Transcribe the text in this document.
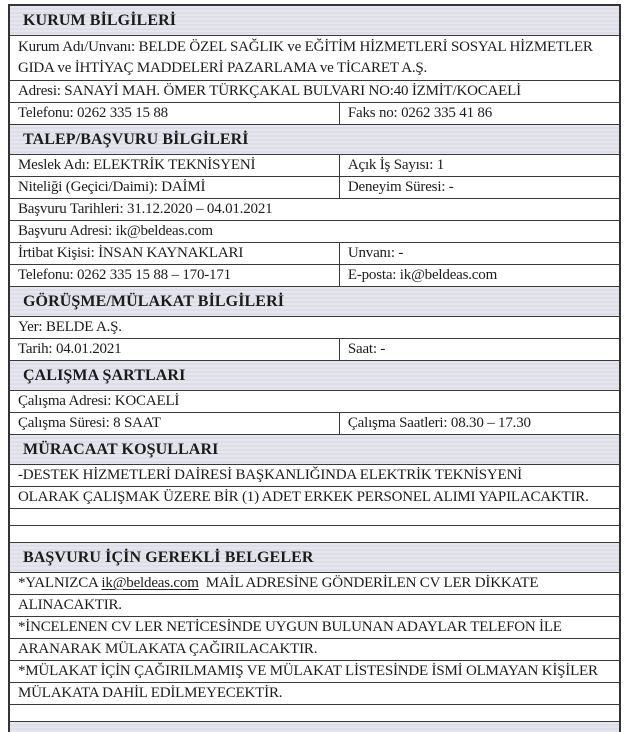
KURUM BİLGİLERİ
Kurum Adı/Unvanı: BELDE ÖZEL SAĞLIK ve EĞİTİM HİZMETLERİ SOSYAL HİZMETLER GIDA ve İHTİYAÇ MADDELERİ PAZARLAMA ve TİCARET A.Ş.
Adresi: SANAYİ MAH. ÖMER TÜRKÇAKAL BULVARI NO:40 İZMİT/KOCAELİ
Telefonu: 0262 335 15 88	Faks no: 0262 335 41 86
TALEP/BAŞVURU BİLGİLERİ
Meslek Adı: ELEKTRİK TEKNİSYENİ	Açık İş Sayısı: 1
Niteliği (Geçici/Daimi): DAİMİ	Deneyim Süresi: -
Başvuru Tarihleri: 31.12.2020 – 04.01.2021
Başvuru Adresi: ik@beldeas.com
İrtibat Kişisi: İNSAN KAYNAKLARI	Unvanı: -
Telefonu: 0262 335 15 88 – 170-171	E-posta: ik@beldeas.com
GÖRÜŞME/MÜLAKAT BİLGİLERİ
Yer: BELDE A.Ş.
Tarih: 04.01.2021	Saat: -
ÇALIŞMA ŞARTLARI
Çalışma Adresi: KOCAELİ
Çalışma Süresi: 8 SAAT	Çalışma Saatleri: 08.30 – 17.30
MÜRACAAT KOŞULLARI
-DESTEK HİZMETLERİ DAİRESİ BAŞKANLIĞINDA ELEKTRİK TEKNİSYENİ
OLARAK ÇALIŞMAK ÜZERE BİR (1) ADET ERKEK PERSONEL ALIMI YAPILACAKTIR.
BAŞVURU İÇİN GEREKLİ BELGELER
*YALNIZCA ik@beldeas.com  MAİL ADRESİNE GÖNDERİLEN CV LER DİKKATE
ALINACAKTIR.
*İNCELENEN CV LER NETİCESİNDE UYGUN BULUNAN ADAYLAR TELEFON İLE
ARANARAK MÜLAKATA ÇAĞIRILACAKTIR.
*MÜLAKAT İÇİN ÇAĞIRILMAMIŞ VE MÜLAKAT LİSTESİNDE İSMİ OLMAYAN KİŞİLER
MÜLAKATA DAHİL EDİLMEYECEKTİR.
